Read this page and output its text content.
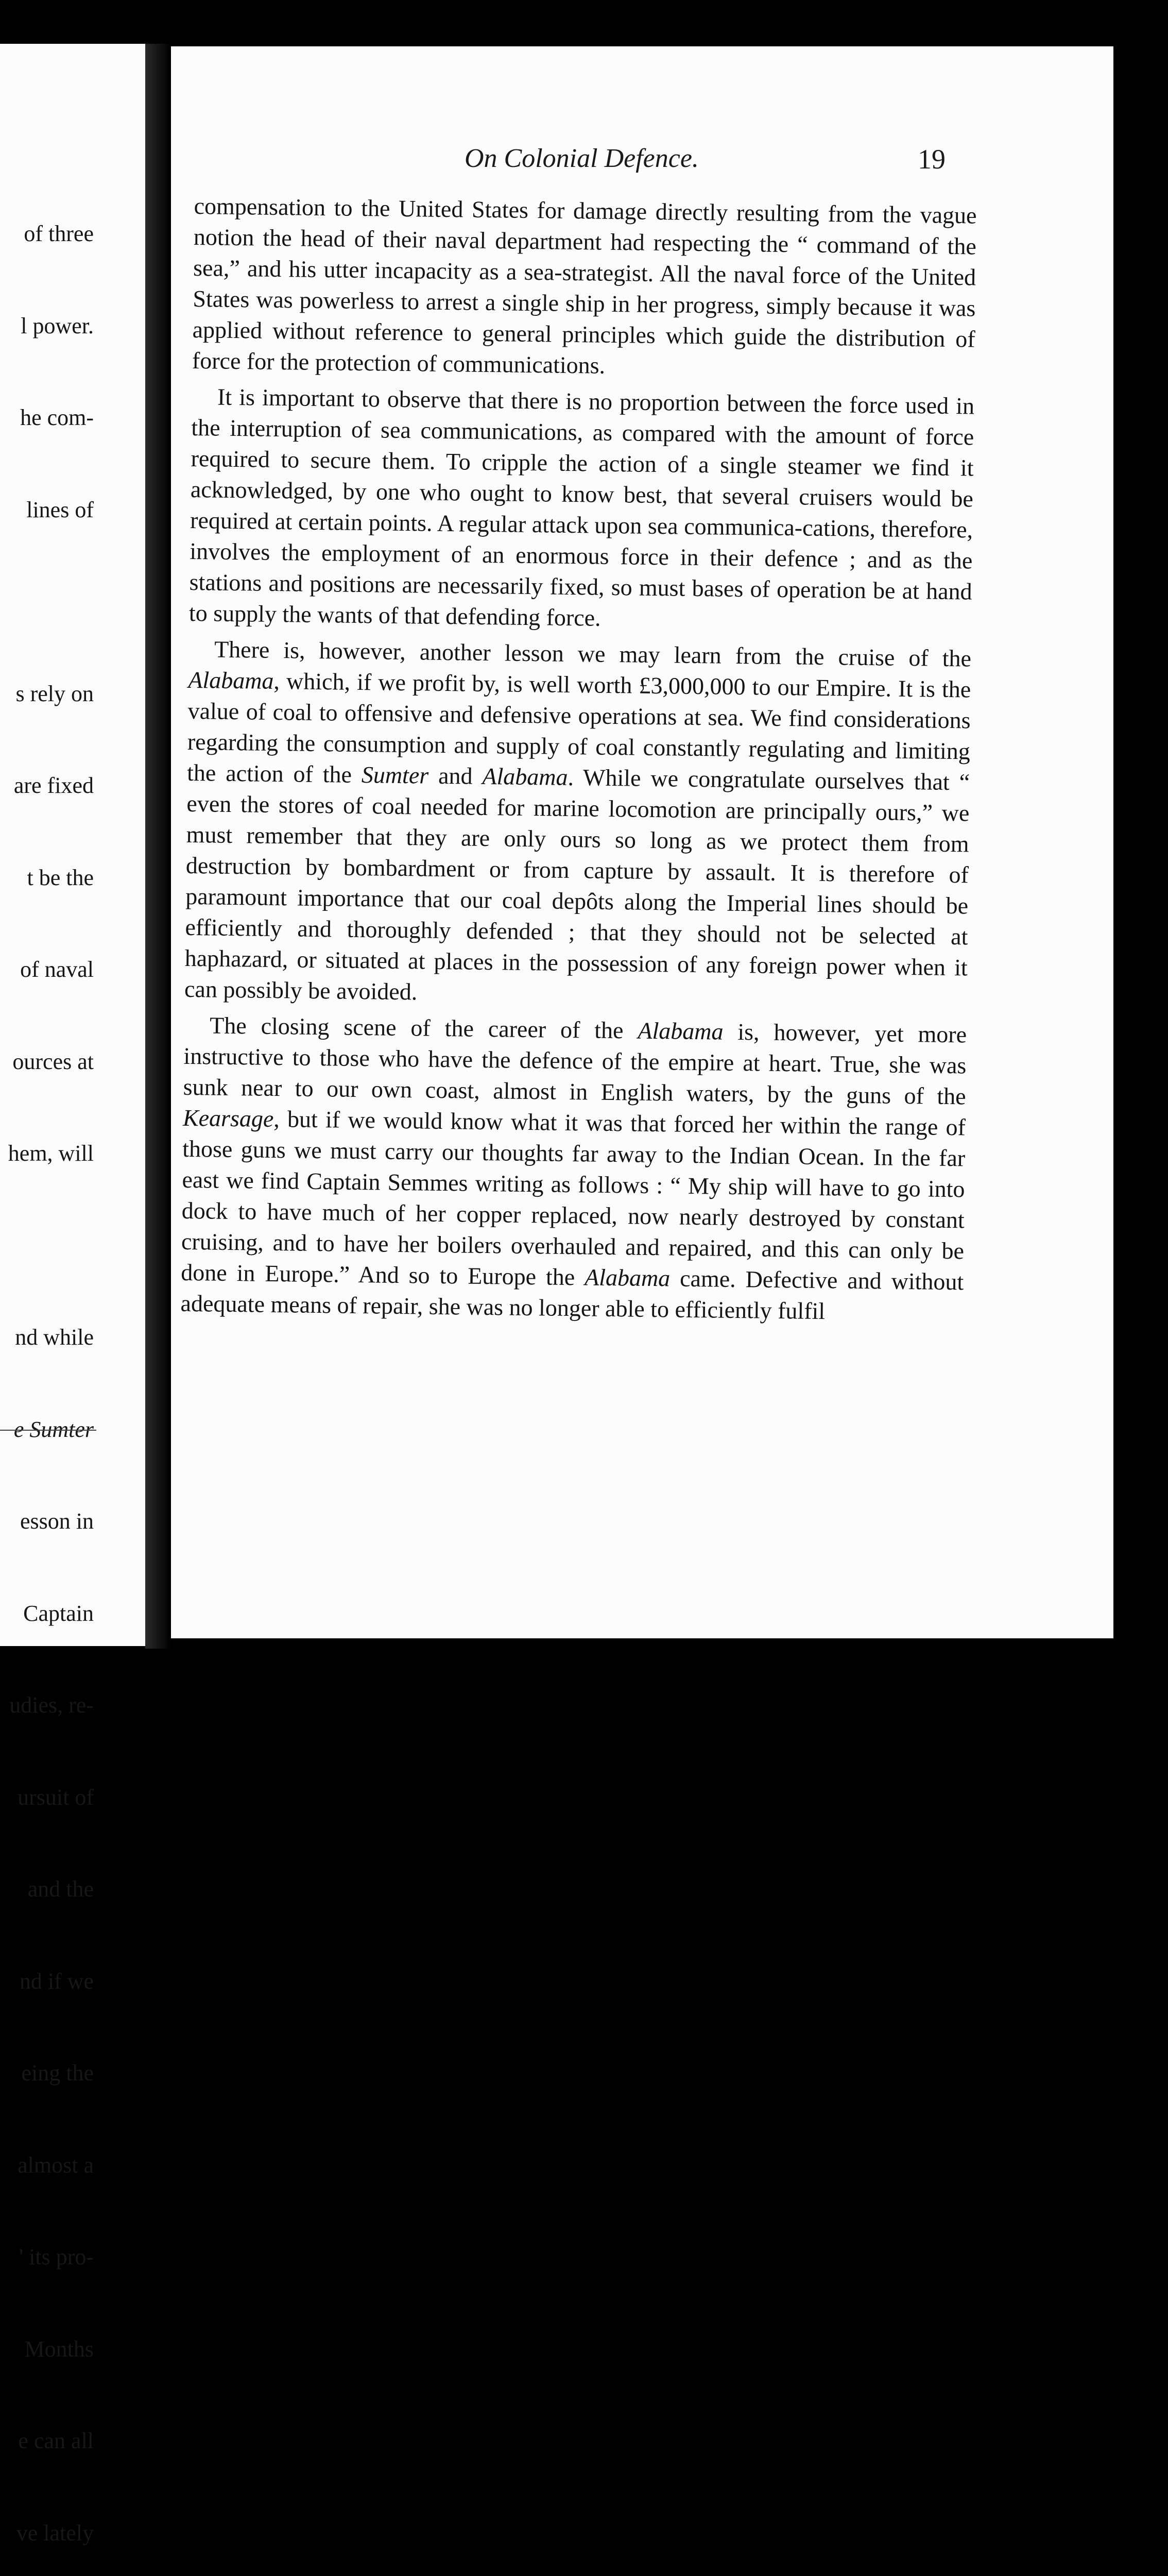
of three

l power.

he com-

lines of

s rely on

are fixed

t be the

of naval

ources at

hem, will

nd while

e Sumter

esson in

Captain

udies, re-

ursuit of

and the

nd if we

eing the

almost a

' its pro-

Months

e can all

ve lately

On Colonial Defence.	19

compensation to the United States for damage directly resulting from the vague notion the head of their naval department had respecting the “ command of the sea,” and his utter incapacity as a sea-strategist. All the naval force of the United States was powerless to arrest a single ship in her progress, simply because it was applied without reference to general principles which guide the distribution of force for the protection of communications.

It is important to observe that there is no proportion between the force used in the interruption of sea communications, as compared with the amount of force required to secure them. To cripple the action of a single steamer we find it acknowledged, by one who ought to know best, that several cruisers would be required at certain points. A regular attack upon sea communica-cations, therefore, involves the employment of an enormous force in their defence ; and as the stations and positions are necessarily fixed, so must bases of operation be at hand to supply the wants of that defending force.

There is, however, another lesson we may learn from the cruise of the Alabama, which, if we profit by, is well worth £3,000,000 to our Empire. It is the value of coal to offensive and defensive operations at sea. We find considerations regarding the consumption and supply of coal constantly regulating and limiting the action of the Sumter and Alabama. While we congratulate ourselves that “ even the stores of coal needed for marine locomotion are principally ours,” we must remember that they are only ours so long as we protect them from destruction by bombardment or from capture by assault. It is therefore of paramount importance that our coal depôts along the Imperial lines should be efficiently and thoroughly defended ; that they should not be selected at haphazard, or situated at places in the possession of any foreign power when it can possibly be avoided.

The closing scene of the career of the Alabama is, however, yet more instructive to those who have the defence of the empire at heart. True, she was sunk near to our own coast, almost in English waters, by the guns of the Kearsage, but if we would know what it was that forced her within the range of those guns we must carry our thoughts far away to the Indian Ocean. In the far east we find Captain Semmes writing as follows : “ My ship will have to go into dock to have much of her copper replaced, now nearly destroyed by constant cruising, and to have her boilers overhauled and repaired, and this can only be done in Europe.” And so to Europe the Alabama came. Defective and without adequate means of repair, she was no longer able to efficiently fulfil
